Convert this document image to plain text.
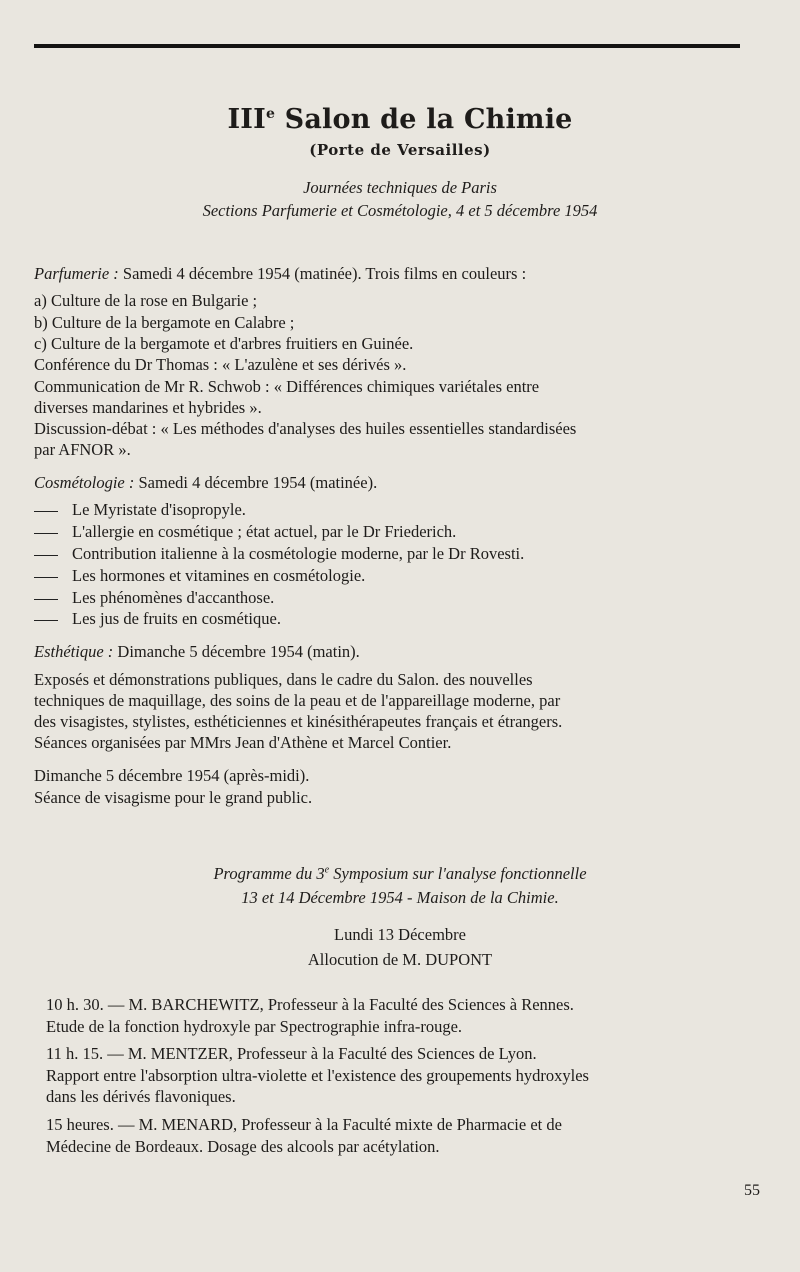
IIIe Salon de la Chimie
(Porte de Versailles)
Journées techniques de Paris
Sections Parfumerie et Cosmétologie, 4 et 5 décembre 1954
Parfumerie : Samedi 4 décembre 1954 (matinée). Trois films en couleurs :
a) Culture de la rose en Bulgarie ;
b) Culture de la bergamote en Calabre ;
c) Culture de la bergamote et d'arbres fruitiers en Guinée.
Conférence du Dr Thomas : « L'azulène et ses dérivés ».
Communication de Mr R. Schwob : « Différences chimiques variétales entre
diverses mandarines et hybrides ».
Discussion-débat : « Les méthodes d'analyses des huiles essentielles standardisées
par AFNOR ».
Cosmétologie : Samedi 4 décembre 1954 (matinée).
Le Myristate d'isopropyle.
L'allergie en cosmétique ; état actuel, par le Dr Friederich.
Contribution italienne à la cosmétologie moderne, par le Dr Rovesti.
Les hormones et vitamines en cosmétologie.
Les phénomènes d'accanthose.
Les jus de fruits en cosmétique.
Esthétique : Dimanche 5 décembre 1954 (matin).
Exposés et démonstrations publiques, dans le cadre du Salon. des nouvelles
techniques de maquillage, des soins de la peau et de l'appareillage moderne, par
des visagistes, stylistes, esthéticiennes et kinésithérapeutes français et étrangers.
Séances organisées par MMrs Jean d'Athène et Marcel Contier.
Dimanche 5 décembre 1954 (après-midi).
Séance de visagisme pour le grand public.
Programme du 3e Symposium sur l'analyse fonctionnelle
13 et 14 Décembre 1954 - Maison de la Chimie.
Lundi 13 Décembre
Allocution de M. DUPONT
10 h. 30. — M. BARCHEWITZ, Professeur à la Faculté des Sciences à Rennes.
Etude de la fonction hydroxyle par Spectrographie infra-rouge.
11 h. 15. — M. MENTZER, Professeur à la Faculté des Sciences de Lyon.
Rapport entre l'absorption ultra-violette et l'existence des groupements hydroxyles
dans les dérivés flavoniques.
15 heures. — M. MENARD, Professeur à la Faculté mixte de Pharmacie et de
Médecine de Bordeaux. Dosage des alcools par acétylation.
55
